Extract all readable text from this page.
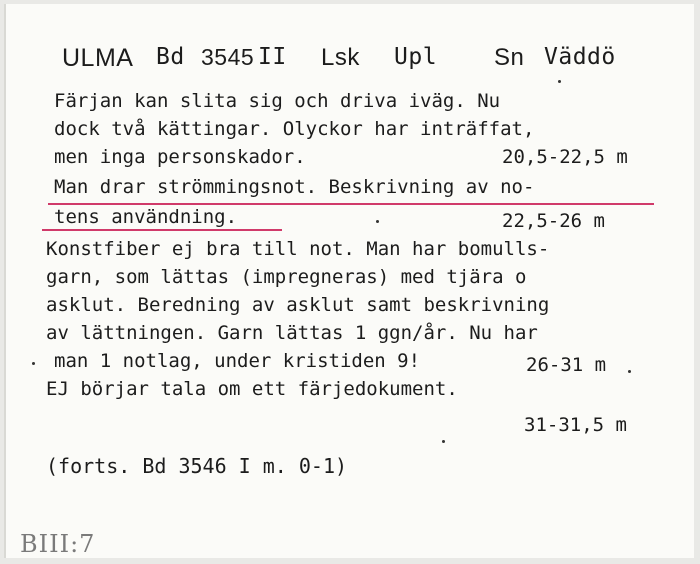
ULMA Bd 3545 II Lsk Upl Sn Väddö
Färjan kan slita sig och driva iväg. Nu
dock två kättingar. Olyckor har inträffat,
men inga personskador.	20,5-22,5 m
Man drar strömmingsnot. Beskrivning av no-
tens användning.	22,5-26 m
Konstfiber ej bra till not. Man har bomulls-
garn, som lättas (impregneras) med tjära o
asklut. Beredning av asklut samt beskrivning
av lättningen. Garn lättas 1 ggn/år. Nu har
man 1 notlag, under kristiden 9!	26-31 m
EJ börjar tala om ett färjedokument.
31-31,5 m
(forts. Bd 3546 I m. 0-1)
BIII:7
